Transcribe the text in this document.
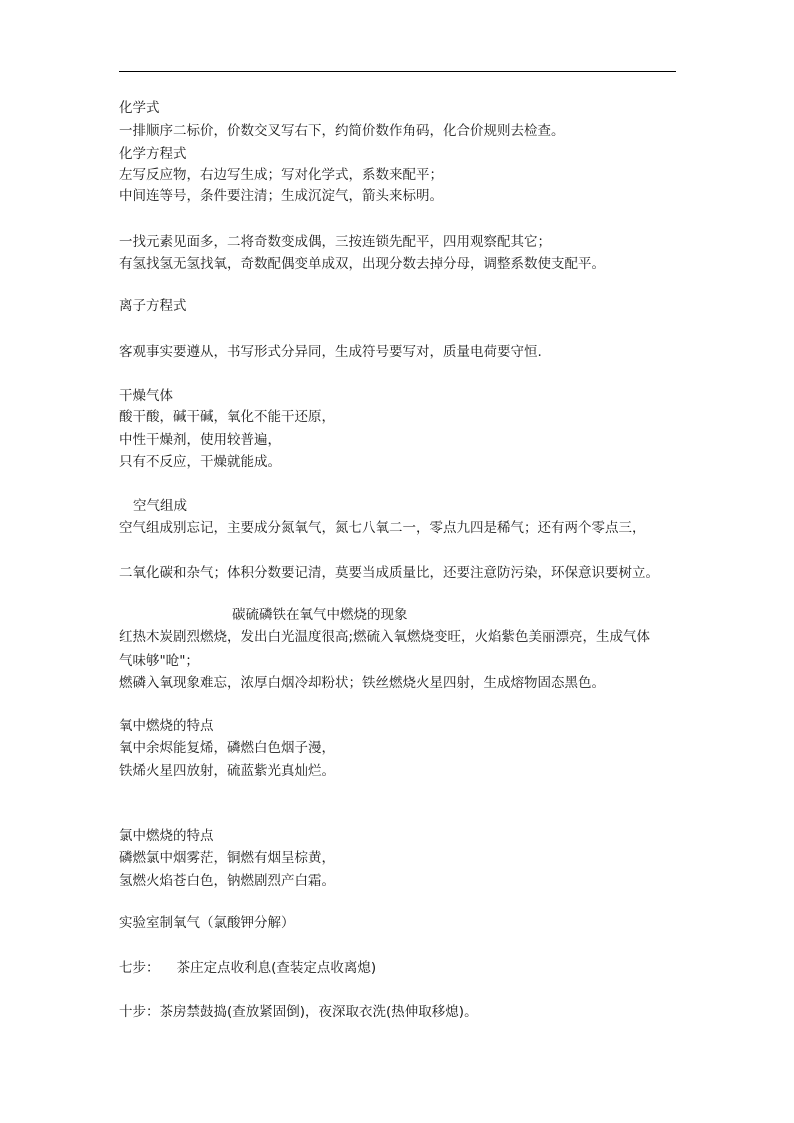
化学式
一排顺序二标价，价数交叉写右下，约简价数作角码，化合价规则去检查。
化学方程式
左写反应物，右边写生成；写对化学式，系数来配平；
中间连等号，条件要注清；生成沉淀气，箭头来标明。
一找元素见面多，二将奇数变成偶，三按连锁先配平，四用观察配其它；
有氢找氢无氢找氧，奇数配偶变单成双，出现分数去掉分母，调整系数使支配平。
离子方程式
客观事实要遵从，书写形式分异同，生成符号要写对，质量电荷要守恒.
干燥气体
酸干酸，碱干碱，氧化不能干还原，
中性干燥剂，使用较普遍，
只有不反应，干燥就能成。
空气组成
空气组成别忘记，主要成分氮氧气，氮七八氧二一，零点九四是稀气；还有两个零点三，
二氧化碳和杂气；体积分数要记清，莫要当成质量比，还要注意防污染，环保意识要树立。
碳硫磷铁在氧气中燃烧的现象
红热木炭剧烈燃烧，发出白光温度很高;燃硫入氧燃烧变旺，火焰紫色美丽漂亮，生成气体
气味够"呛"；
燃磷入氧现象难忘，浓厚白烟冷却粉状；铁丝燃烧火星四射，生成熔物固态黑色。
氧中燃烧的特点
氧中余烬能复烯，磷燃白色烟子漫，
铁烯火星四放射，硫蓝紫光真灿烂。
氯中燃烧的特点
磷燃氯中烟雾茫，铜燃有烟呈棕黄，
氢燃火焰苍白色，钠燃剧烈产白霜。
实验室制氧气（氯酸钾分解）
七步：    茶庄定点收利息(查装定点收离熄)
十步：茶房禁鼓捣(查放紧固倒)，夜深取衣洗(热伸取移熄)。
